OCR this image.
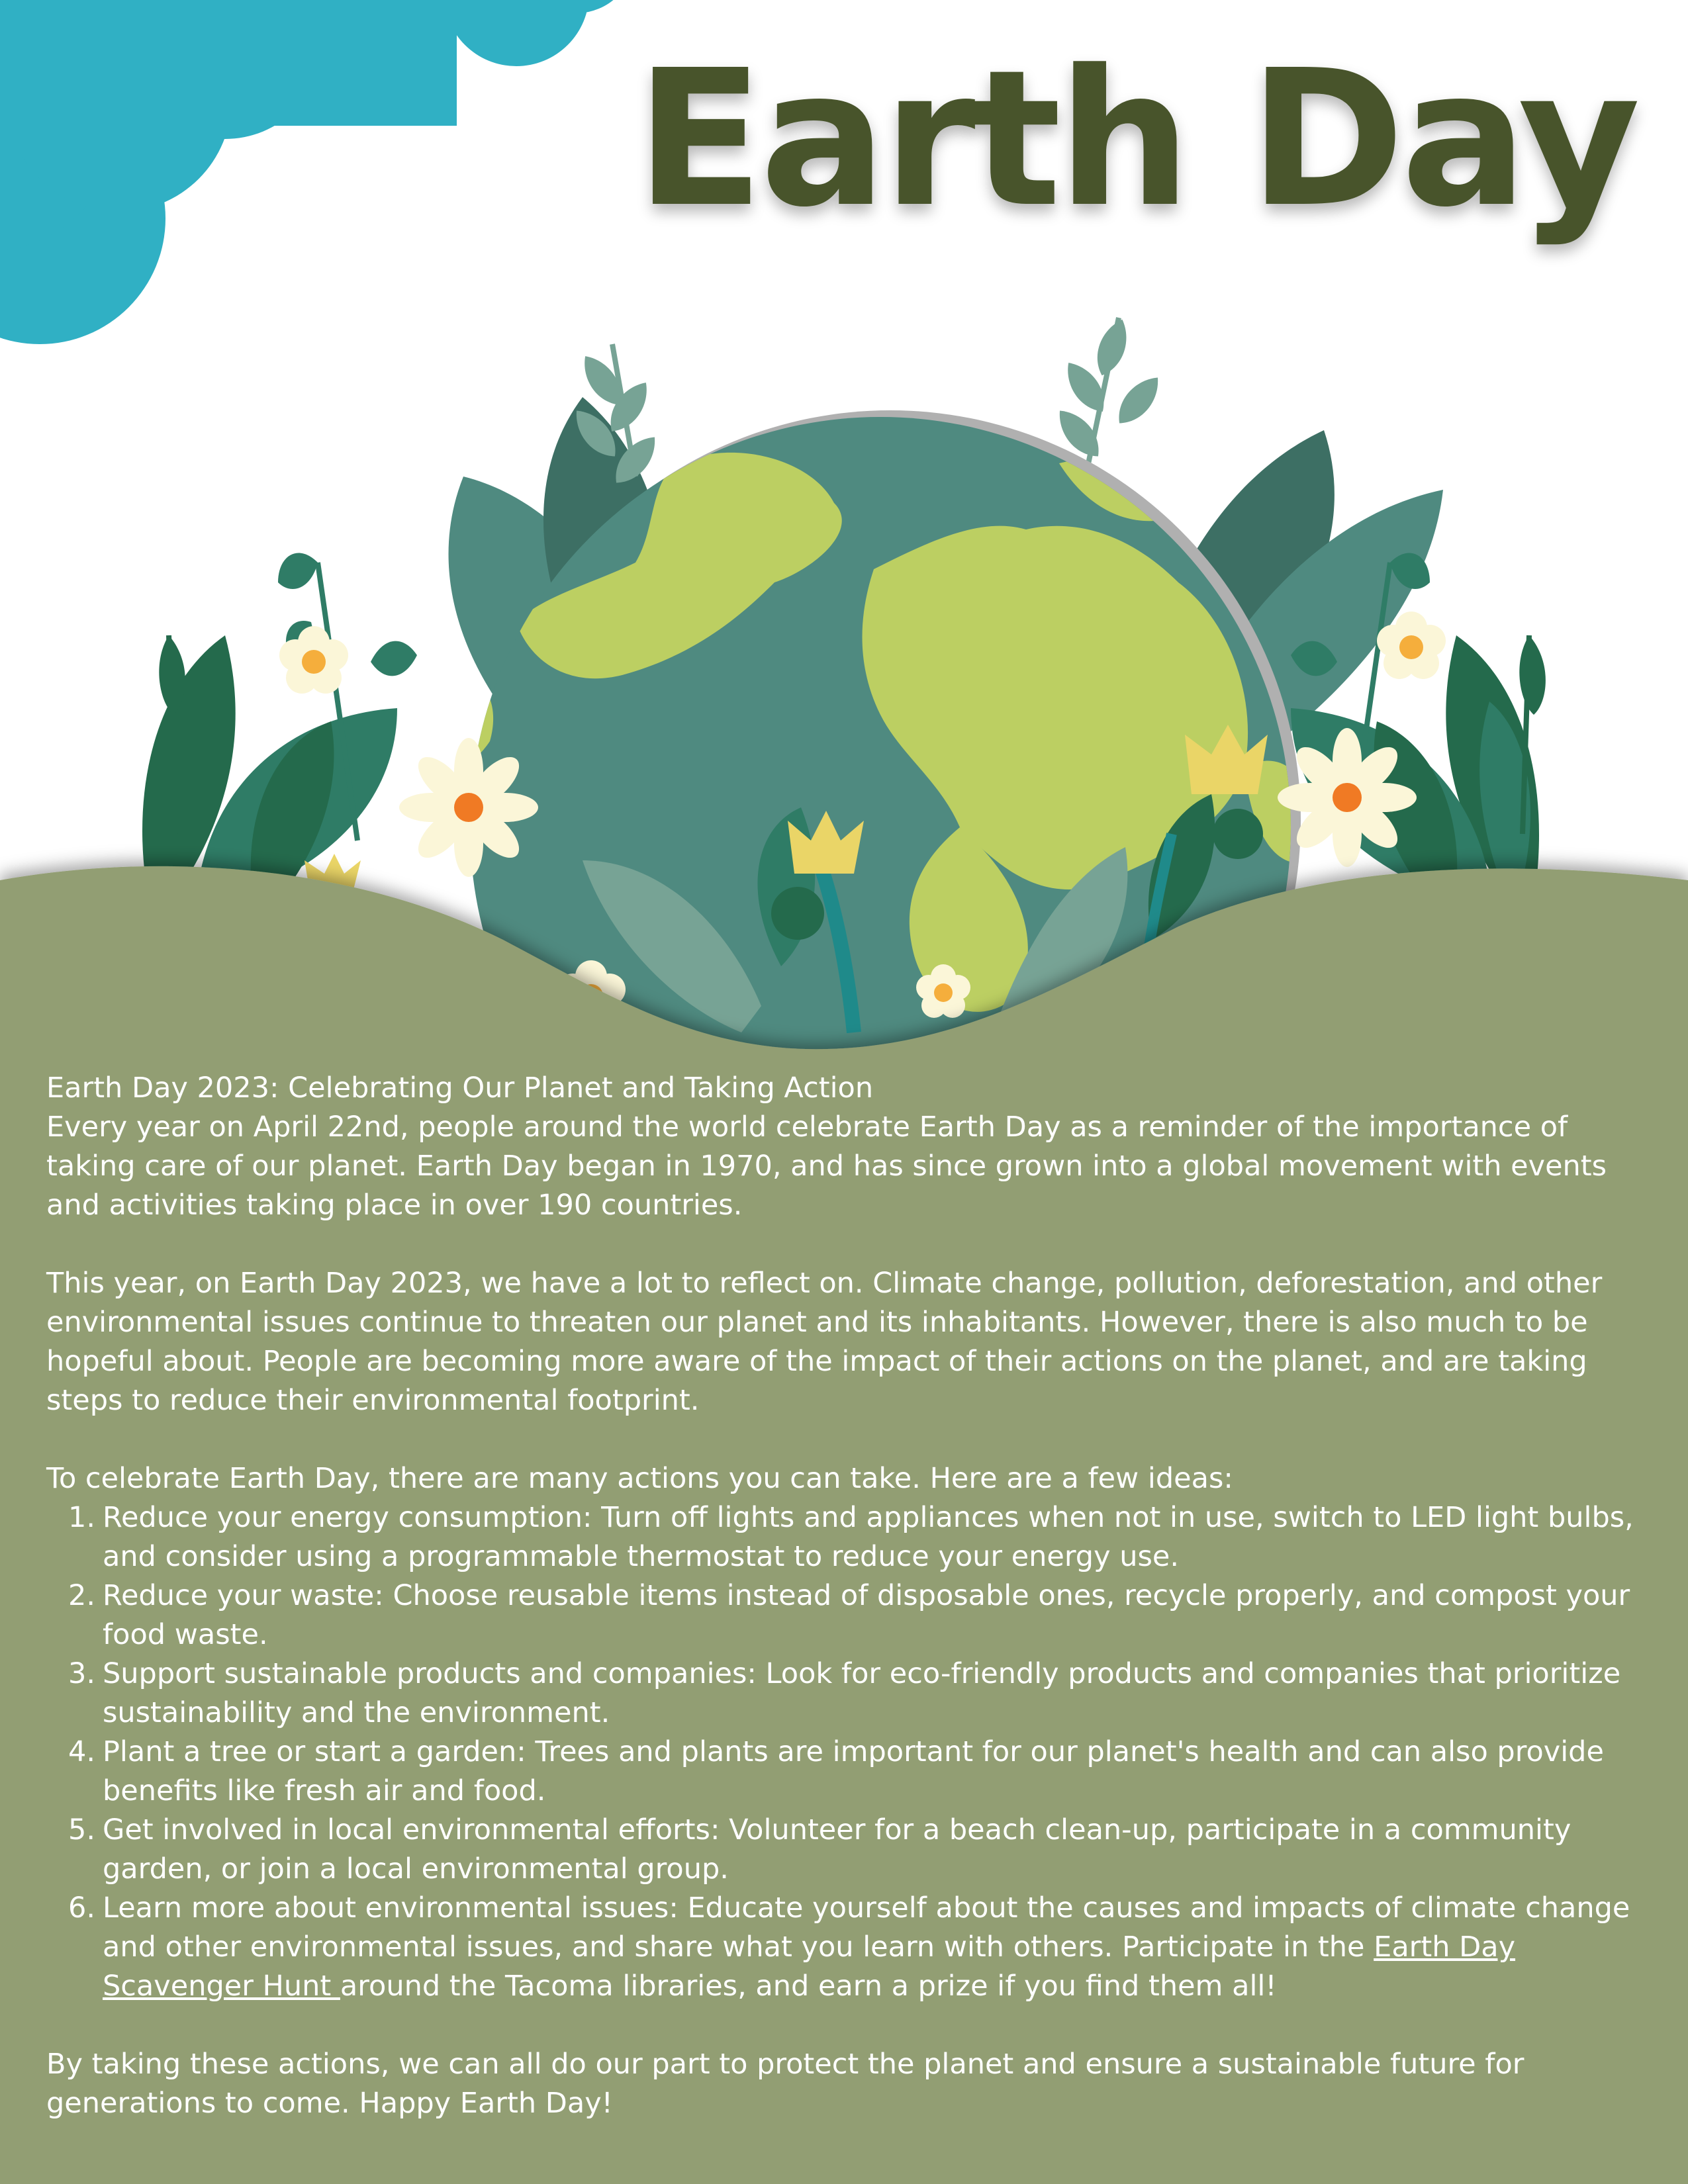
Earth Day

Earth Day 2023: Celebrating Our Planet and Taking Action

Every year on April 22nd, people around the world celebrate Earth Day as a reminder of the importance of taking care of our planet. Earth Day began in 1970, and has since grown into a global movement with events and activities taking place in over 190 countries.

This year, on Earth Day 2023, we have a lot to reflect on. Climate change, pollution, deforestation, and other environmental issues continue to threaten our planet and its inhabitants. However, there is also much to be hopeful about. People are becoming more aware of the impact of their actions on the planet, and are taking steps to reduce their environmental footprint.

To celebrate Earth Day, there are many actions you can take. Here are a few ideas:

1. Reduce your energy consumption: Turn off lights and appliances when not in use, switch to LED light bulbs, and consider using a programmable thermostat to reduce your energy use.
2. Reduce your waste: Choose reusable items instead of disposable ones, recycle properly, and compost your food waste.
3. Support sustainable products and companies: Look for eco-friendly products and companies that prioritize sustainability and the environment.
4. Plant a tree or start a garden: Trees and plants are important for our planet's health and can also provide benefits like fresh air and food.
5. Get involved in local environmental efforts: Volunteer for a beach clean-up, participate in a community garden, or join a local environmental group.
6. Learn more about environmental issues: Educate yourself about the causes and impacts of climate change and other environmental issues, and share what you learn with others. Participate in the Earth Day Scavenger Hunt around the Tacoma libraries, and earn a prize if you find them all!

By taking these actions, we can all do our part to protect the planet and ensure a sustainable future for generations to come. Happy Earth Day!
